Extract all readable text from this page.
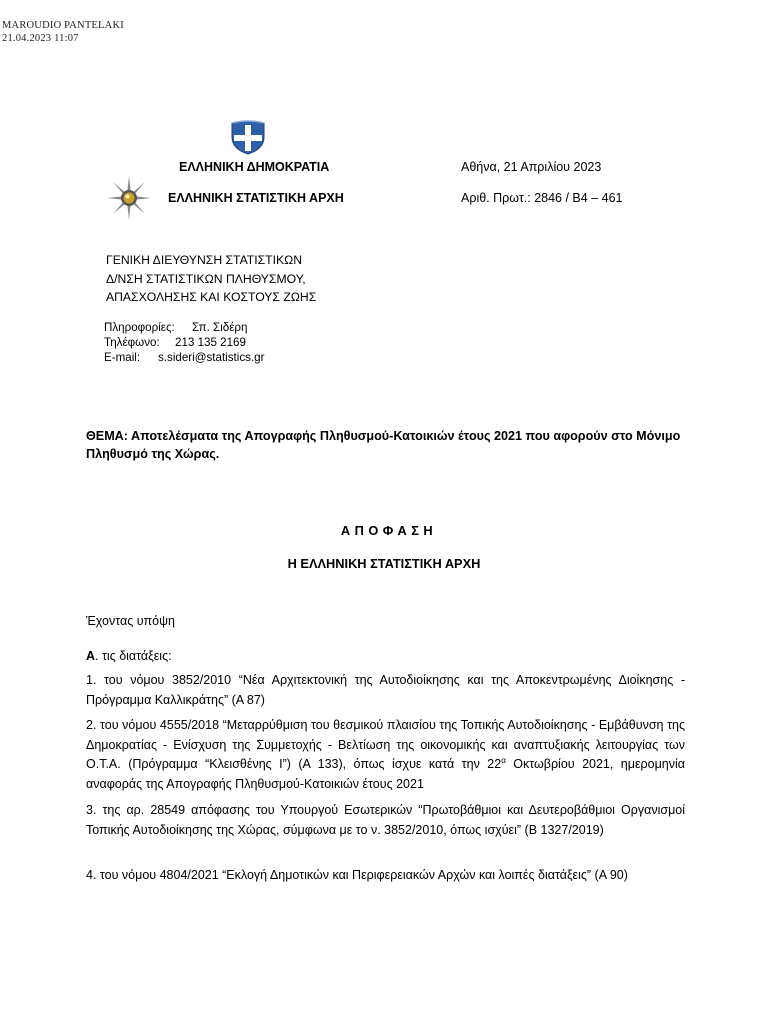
MAROUDIO PANTELAKI
21.04.2023 11:07
ΕΛΛΗΝΙΚΗ ΔΗΜΟΚΡΑΤΙΑ
ΕΛΛΗΝΙΚΗ ΣΤΑΤΙΣΤΙΚΗ ΑΡΧΗ
Αθήνα, 21 Απριλίου 2023
Αριθ. Πρωτ.: 2846 / Β4 – 461
ΓΕΝΙΚΗ ΔΙΕΥΘΥΝΣΗ ΣΤΑΤΙΣΤΙΚΩΝ
Δ/ΝΣΗ ΣΤΑΤΙΣΤΙΚΩΝ ΠΛΗΘΥΣΜΟΥ,
ΑΠΑΣΧΟΛΗΣΗΣ ΚΑΙ ΚΟΣΤΟΥΣ ΖΩΗΣ
Πληροφορίες: Σπ. Σιδέρη
Τηλέφωνο: 213 135 2169
E-mail: s.sideri@statistics.gr
ΘΕΜΑ: Αποτελέσματα της Απογραφής Πληθυσμού-Κατοικιών έτους 2021 που αφορούν στο Μόνιμο Πληθυσμό της Χώρας.
ΑΠΟΦΑΣΗ
Η ΕΛΛΗΝΙΚΗ ΣΤΑΤΙΣΤΙΚΗ ΑΡΧΗ
Έχοντας υπόψη
Α. τις διατάξεις:
1. του νόμου 3852/2010 “Νέα Αρχιτεκτονική της Αυτοδιοίκησης και της Αποκεντρωμένης Διοίκησης - Πρόγραμμα Καλλικράτης” (Α 87)
2. του νόμου 4555/2018 “Μεταρρύθμιση του θεσμικού πλαισίου της Τοπικής Αυτοδιοίκησης - Εμβάθυνση της Δημοκρατίας - Ενίσχυση της Συμμετοχής - Βελτίωση της οικονομικής και αναπτυξιακής λειτουργίας των Ο.Τ.Α. (Πρόγραμμα “Κλεισθένης Ι”) (Α 133), όπως ίσχυε κατά την $22^\alpha$ Οκτωβρίου 2021, ημερομηνία αναφοράς της Απογραφής Πληθυσμού-Κατοικιών έτους 2021
3. της αρ. 28549 απόφασης του Υπουργού Εσωτερικών “Πρωτοβάθμιοι και Δευτεροβάθμιοι Οργανισμοί Τοπικής Αυτοδιοίκησης της Χώρας, σύμφωνα με το ν. 3852/2010, όπως ισχύει” (Β 1327/2019)
4. του νόμου 4804/2021 “Εκλογή Δημοτικών και Περιφερειακών Αρχών και λοιπές διατάξεις” (Α 90)
